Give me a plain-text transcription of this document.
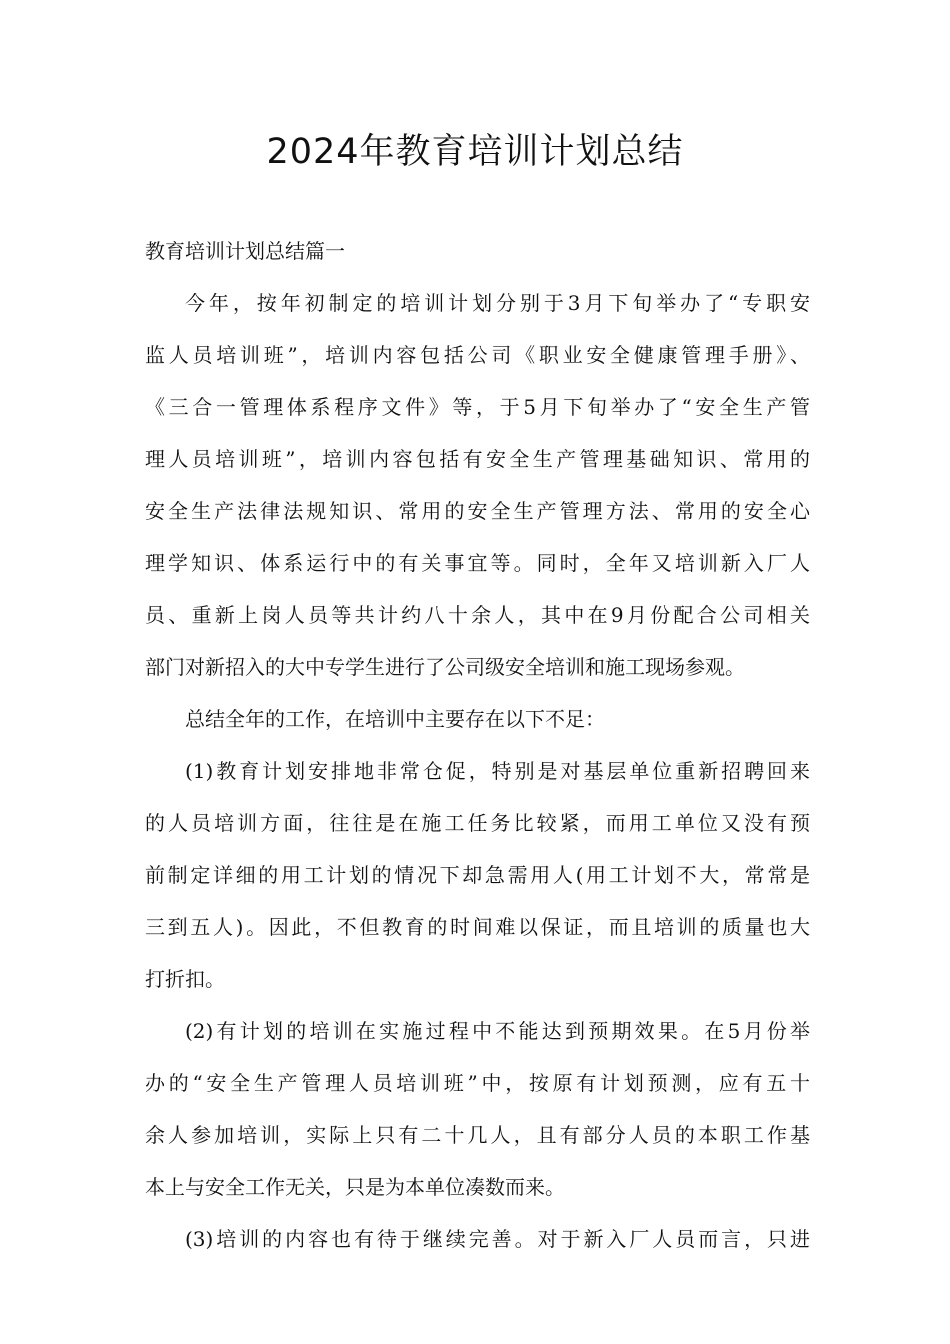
2024年教育培训计划总结

教育培训计划总结篇一

今年，按年初制定的培训计划分别于3月下旬举办了“专职安
监人员培训班”，培训内容包括公司《职业安全健康管理手册》、
《三合一管理体系程序文件》等，于5月下旬举办了“安全生产管
理人员培训班”，培训内容包括有安全生产管理基础知识、常用的
安全生产法律法规知识、常用的安全生产管理方法、常用的安全心
理学知识、体系运行中的有关事宜等。同时，全年又培训新入厂人
员、重新上岗人员等共计约八十余人，其中在9月份配合公司相关
部门对新招入的大中专学生进行了公司级安全培训和施工现场参观。

总结全年的工作，在培训中主要存在以下不足：

(1)教育计划安排地非常仓促，特别是对基层单位重新招聘回来
的人员培训方面，往往是在施工任务比较紧，而用工单位又没有预
前制定详细的用工计划的情况下却急需用人(用工计划不大，常常是
三到五人)。因此，不但教育的时间难以保证，而且培训的质量也大
打折扣。

(2)有计划的培训在实施过程中不能达到预期效果。在5月份举
办的“安全生产管理人员培训班”中，按原有计划预测，应有五十
余人参加培训，实际上只有二十几人，且有部分人员的本职工作基
本上与安全工作无关，只是为本单位凑数而来。

(3)培训的内容也有待于继续完善。对于新入厂人员而言，只进
